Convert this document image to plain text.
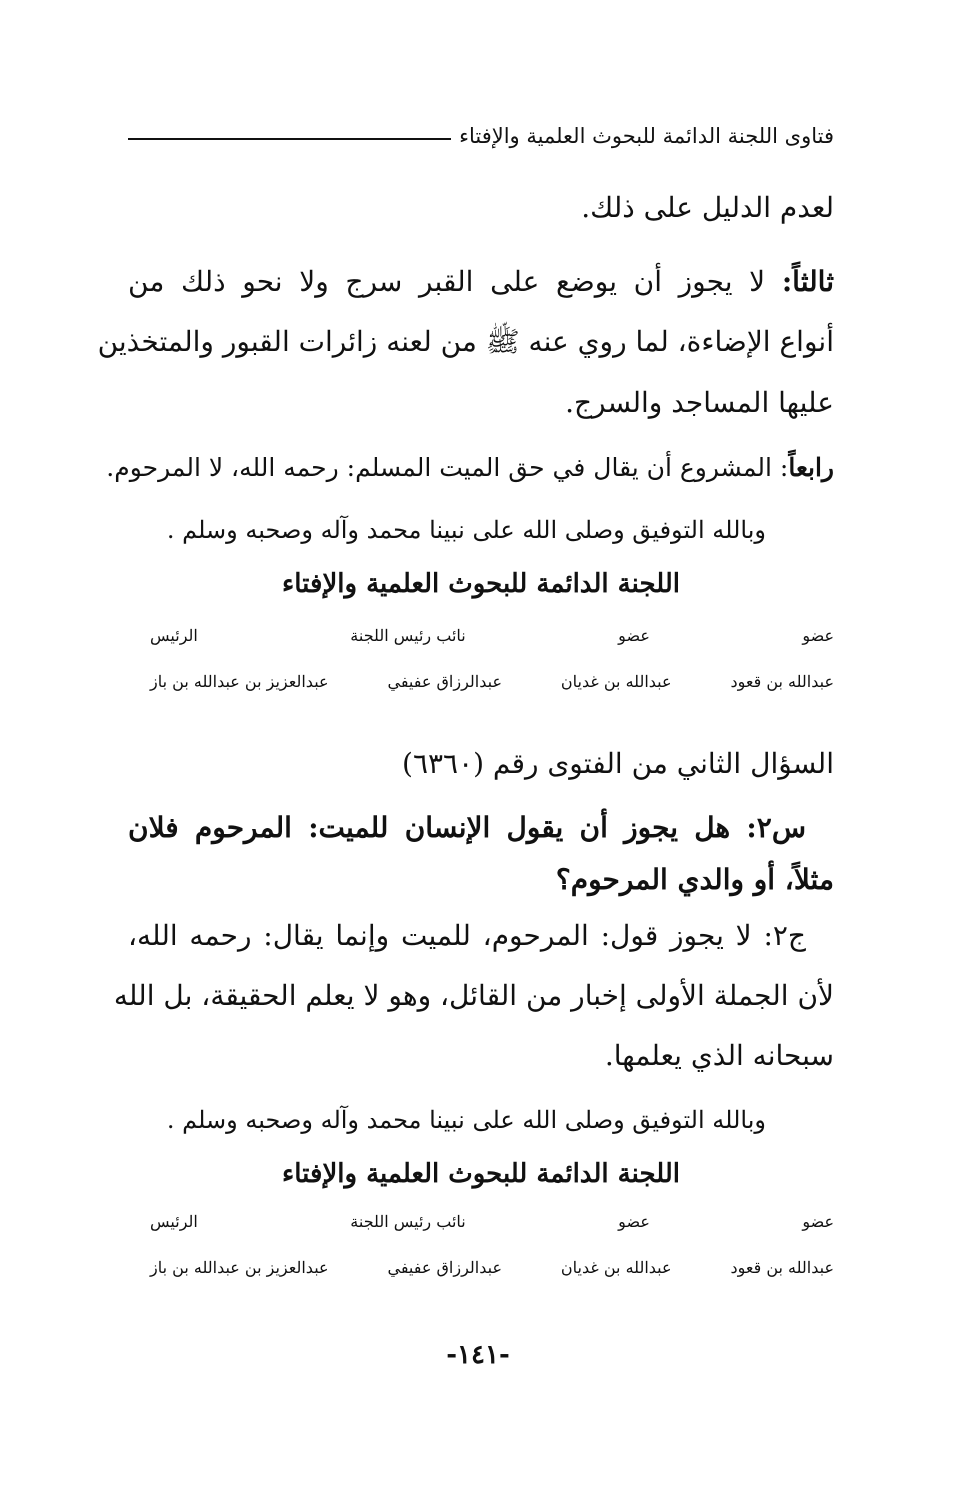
فتاوى اللجنة الدائمة للبحوث العلمية والإفتاء
لعدم الدليل على ذلك.
ثالثاً: لا يجوز أن يوضع على القبر سرج ولا نحو ذلك من
أنواع الإضاءة، لما روي عنه ﷺ من لعنه زائرات القبور والمتخذين
عليها المساجد والسرج.
رابعاً: المشروع أن يقال في حق الميت المسلم: رحمه الله، لا المرحوم.
وبالله التوفيق وصلى الله على نبينا محمد وآله وصحبه وسلم .
اللجنة الدائمة للبحوث العلمية والإفتاء
عضو
عضو
نائب رئيس اللجنة
الرئيس
عبدالله بن قعود
عبدالله بن غديان
عبدالرزاق عفيفي
عبدالعزيز بن عبدالله بن باز
السؤال الثاني من الفتوى رقم (٦٣٦٠)
س٢: هل يجوز أن يقول الإنسان للميت: المرحوم فلان
مثلاً، أو والدي المرحوم؟
ج٢: لا يجوز قول: المرحوم، للميت وإنما يقال: رحمه الله،
لأن الجملة الأولى إخبار من القائل، وهو لا يعلم الحقيقة، بل الله
سبحانه الذي يعلمها.
وبالله التوفيق وصلى الله على نبينا محمد وآله وصحبه وسلم .
اللجنة الدائمة للبحوث العلمية والإفتاء
عضو
عضو
نائب رئيس اللجنة
الرئيس
عبدالله بن قعود
عبدالله بن غديان
عبدالرزاق عفيفي
عبدالعزيز بن عبدالله بن باز
-١٤١-
